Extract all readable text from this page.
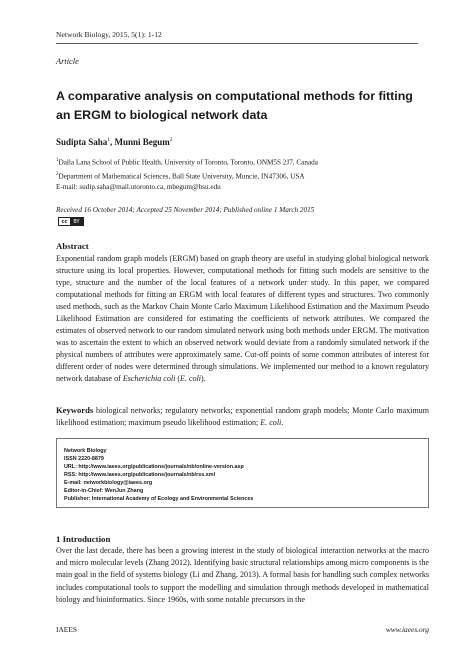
Network Biology, 2015, 5(1): 1-12
Article
A comparative analysis on computational methods for fitting an ERGM to biological network data
Sudipta Saha$^1$, Munni Begum$^2$
$^1$Dalla Lana School of Public Health, University of Toronto, Toronto, ONM5S 2J7, Canada
$^2$Department of Mathematical Sciences, Ball State University, Muncie, IN47306, USA
E-mail: sudip.saha@mail.utoronto.ca, mbegum@bsu.edu
Received 16 October 2014; Accepted 25 November 2014; Published online 1 March 2015
cc	BY
Abstract

Exponential random graph models (ERGM) based on graph theory are useful in studying global biological network structure using its local properties. However, computational methods for fitting such models are sensitive to the type, structure and the number of the local features of a network under study. In this paper, we compared computational methods for fitting an ERGM with local features of different types and structures. Two commonly used methods, such as the Markov Chain Monte Carlo Maximum Likelihood Estimation and the Maximum Pseudo Likelihood Estimation are considered for estimating the coefficients of network attributes. We compared the estimates of observed network to our random simulated network using both methods under ERGM. The motivation was to ascertain the extent to which an observed network would deviate from a randomly simulated network if the physical numbers of attributes were approximately same. Cut-off points of some common attributes of interest for different order of nodes were determined through simulations. We implemented our method to a known regulatory network database of Escherichia coli (E. coli).

Keywords biological networks; regulatory networks; exponential random graph models; Monte Carlo maximum likelihood estimation; maximum pseudo likelihood estimation; E. coli.

Network Biology
ISSN 2220-8879
URL: http://www.iaees.org/publications/journals/nb/online-version.asp
RSS: http://www.iaees.org/publications/journals/nb/rss.xml
E-mail: networkbiology@iaees.org
Editor-in-Chief: WenJun Zhang
Publisher: International Academy of Ecology and Environmental Sciences
1 Introduction

Over the last decade, there has been a growing interest in the study of biological interaction networks at the macro and micro molecular levels (Zhang 2012). Identifying basic structural relationships among micro components is the main goal in the field of systems biology (Li and Zhang, 2013). A formal basis for handling such complex networks includes computational tools to support the modelling and simulation through methods developed in mathematical biology and bioinformatics. Since 1960s, with some notable precursors in the

IAEES	www.iaees.org
